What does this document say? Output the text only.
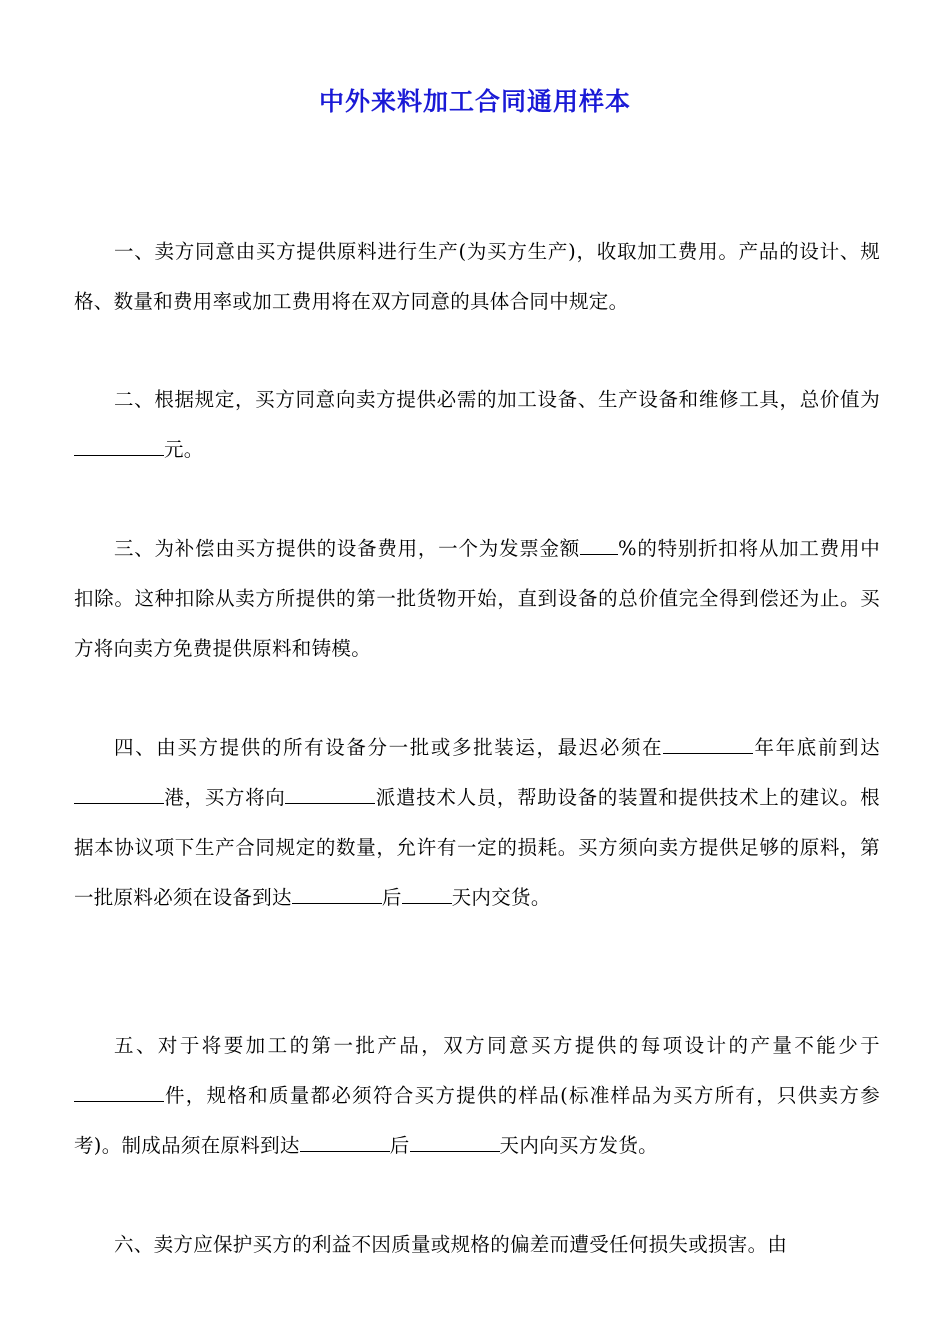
中外来料加工合同通用样本

一、卖方同意由买方提供原料进行生产(为买方生产)，收取加工费用。产品的设计、规格、数量和费用率或加工费用将在双方同意的具体合同中规定。

二、根据规定，买方同意向卖方提供必需的加工设备、生产设备和维修工具，总价值为元。

三、为补偿由买方提供的设备费用，一个为发票金额 %的特别折扣将从加工费用中扣除。这种扣除从卖方所提供的第一批货物开始，直到设备的总价值完全得到偿还为止。买方将向卖方免费提供原料和铸模。

四、由买方提供的所有设备分一批或多批装运，最迟必须在	年年底前到达港，买方将向	派遣技术人员，帮助设备的装置和提供技术上的建议。根据本协议项下生产合同规定的数量，允许有一定的损耗。买方须向卖方提供足够的原料，第一批原料必须在设备到达	后	天内交货。

五、对于将要加工的第一批产品，双方同意买方提供的每项设计的产量不能少于件，规格和质量都必须符合买方提供的样品(标准样品为买方所有，只供卖方参考)。制成品须在原料到达	后	天内向买方发货。

六、卖方应保护买方的利益不因质量或规格的偏差而遭受任何损失或损害。由
